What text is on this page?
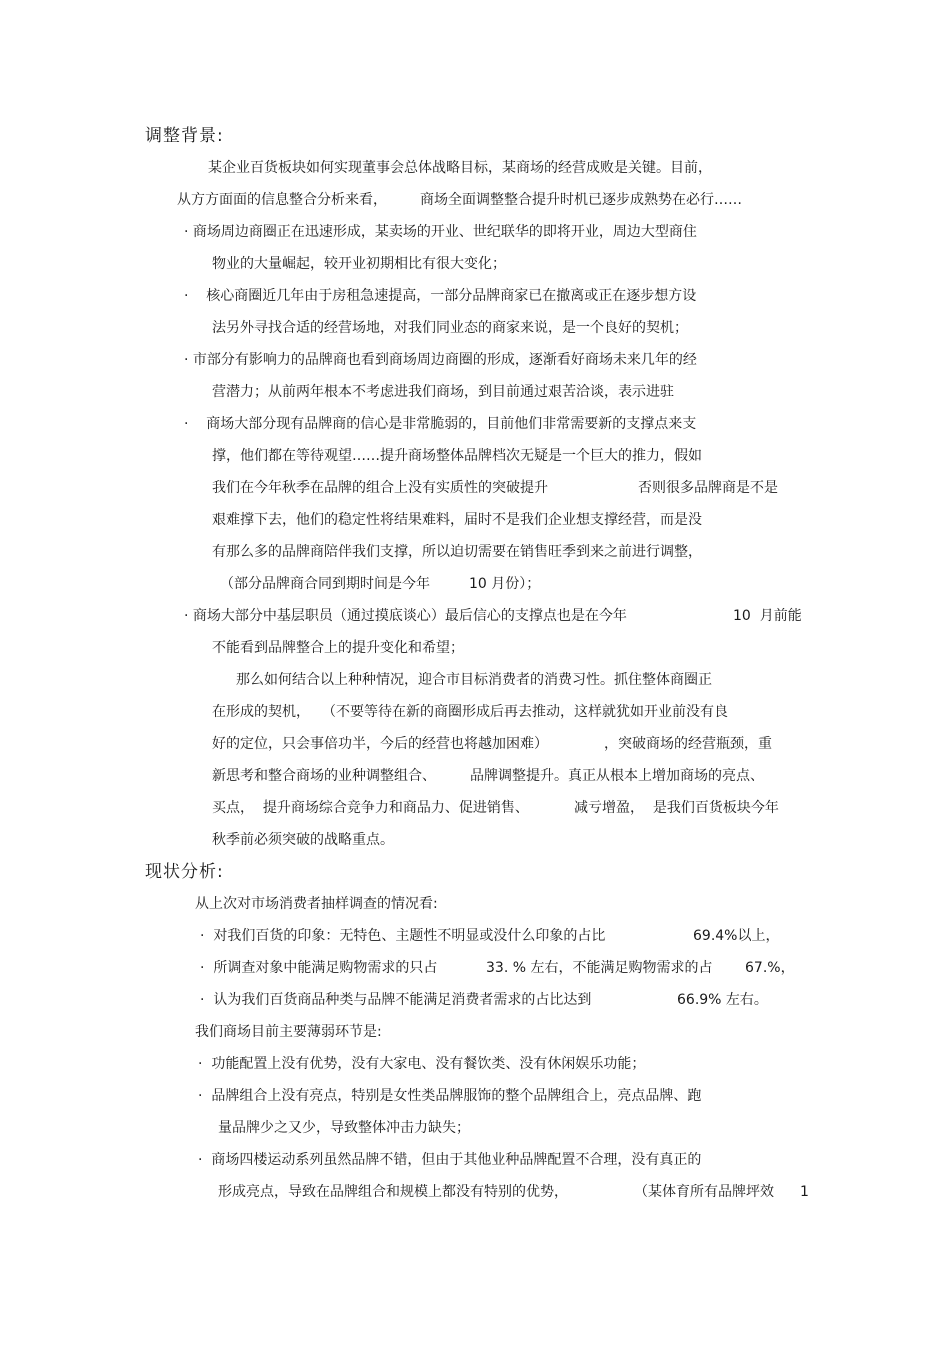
调整背景:
某企业百货板块如何实现董事会总体战略目标，某商场的经营成败是关键。目前，
从方方面面的信息整合分析来看， 商场全面调整整合提升时机已逐步成熟势在必行……
· 商场周边商圈正在迅速形成，某卖场的开业、世纪联华的即将开业，周边大型商住
物业的大量崛起，较开业初期相比有很大变化；
·    核心商圈近几年由于房租急速提高，一部分品牌商家已在撤离或正在逐步想方设
法另外寻找合适的经营场地，对我们同业态的商家来说，是一个良好的契机；
· 市部分有影响力的品牌商也看到商场周边商圈的形成，逐渐看好商场未来几年的经
营潜力；从前两年根本不考虑进我们商场，到目前通过艰苦洽谈，表示进驻
·    商场大部分现有品牌商的信心是非常脆弱的，目前他们非常需要新的支撑点来支
撑，他们都在等待观望……提升商场整体品牌档次无疑是一个巨大的推力，假如
我们在今年秋季在品牌的组合上没有实质性的突破提升	否则很多品牌商是不是
艰难撑下去，他们的稳定性将结果难料，届时不是我们企业想支撑经营，而是没
有那么多的品牌商陪伴我们支撑，所以迫切需要在销售旺季到来之前进行调整，
（部分品牌商合同到期时间是今年	10 月份）；
· 商场大部分中基层职员（通过摸底谈心）最后信心的支撑点也是在今年	10  月前能
不能看到品牌整合上的提升变化和希望；
那么如何结合以上种种情况，迎合市目标消费者的消费习性。抓住整体商圈正
在形成的契机， （不要等待在新的商圈形成后再去推动，这样就犹如开业前没有良
好的定位，只会事倍功半，今后的经营也将越加困难）	，突破商场的经营瓶颈，重
新思考和整合商场的业种调整组合、 品牌调整提升。真正从根本上增加商场的亮点、
买点，  提升商场综合竞争力和商品力、促进销售、	减亏增盈，  是我们百货板块今年
秋季前必须突破的战略重点。
现状分析:
从上次对市场消费者抽样调查的情况看:
·  对我们百货的印象：无特色、主题性不明显或没什么印象的占比	69.4%以上，
·  所调查对象中能满足购物需求的只占	33. % 左右，不能满足购物需求的占 67.%，
·  认为我们百货商品种类与品牌不能满足消费者需求的占比达到	66.9% 左右。
我们商场目前主要薄弱环节是:
·  功能配置上没有优势，没有大家电、没有餐饮类、没有休闲娱乐功能；
·  品牌组合上没有亮点，特别是女性类品牌服饰的整个品牌组合上，亮点品牌、跑
量品牌少之又少，导致整体冲击力缺失；
·  商场四楼运动系列虽然品牌不错，但由于其他业种品牌配置不合理，没有真正的
形成亮点，导致在品牌组合和规模上都没有特别的优势，	（某体育所有品牌坪效 1
